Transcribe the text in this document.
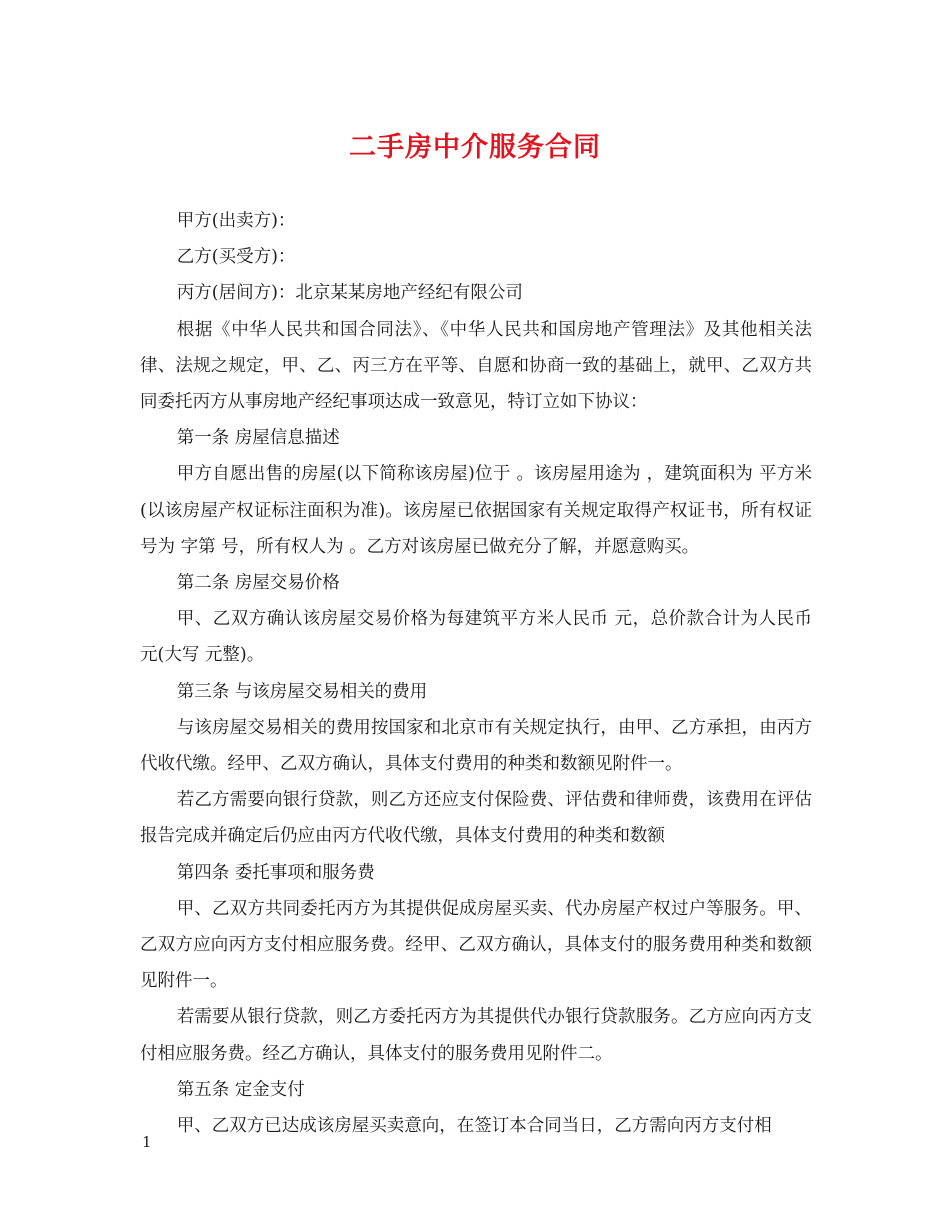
二手房中介服务合同

甲方(出卖方)：

乙方(买受方)：

丙方(居间方)：北京某某房地产经纪有限公司

根据《中华人民共和国合同法》、《中华人民共和国房地产管理法》及其他相关法律、法规之规定，甲、乙、丙三方在平等、自愿和协商一致的基础上，就甲、乙双方共同委托丙方从事房地产经纪事项达成一致意见，特订立如下协议：

第一条 房屋信息描述

甲方自愿出售的房屋(以下简称该房屋)位于 。该房屋用途为 ，建筑面积为 平方米(以该房屋产权证标注面积为准)。该房屋已依据国家有关规定取得产权证书，所有权证号为 字第 号，所有权人为 。乙方对该房屋已做充分了解，并愿意购买。

第二条 房屋交易价格

甲、乙双方确认该房屋交易价格为每建筑平方米人民币 元，总价款合计为人民币 元(大写 元整)。

第三条 与该房屋交易相关的费用

与该房屋交易相关的费用按国家和北京市有关规定执行，由甲、乙方承担，由丙方代收代缴。经甲、乙双方确认，具体支付费用的种类和数额见附件一。

若乙方需要向银行贷款，则乙方还应支付保险费、评估费和律师费，该费用在评估报告完成并确定后仍应由丙方代收代缴，具体支付费用的种类和数额

第四条 委托事项和服务费

甲、乙双方共同委托丙方为其提供促成房屋买卖、代办房屋产权过户等服务。甲、乙双方应向丙方支付相应服务费。经甲、乙双方确认，具体支付的服务费用种类和数额见附件一。

若需要从银行贷款，则乙方委托丙方为其提供代办银行贷款服务。乙方应向丙方支付相应服务费。经乙方确认，具体支付的服务费用见附件二。

第五条 定金支付

甲、乙双方已达成该房屋买卖意向，在签订本合同当日，乙方需向丙方支付相

1
